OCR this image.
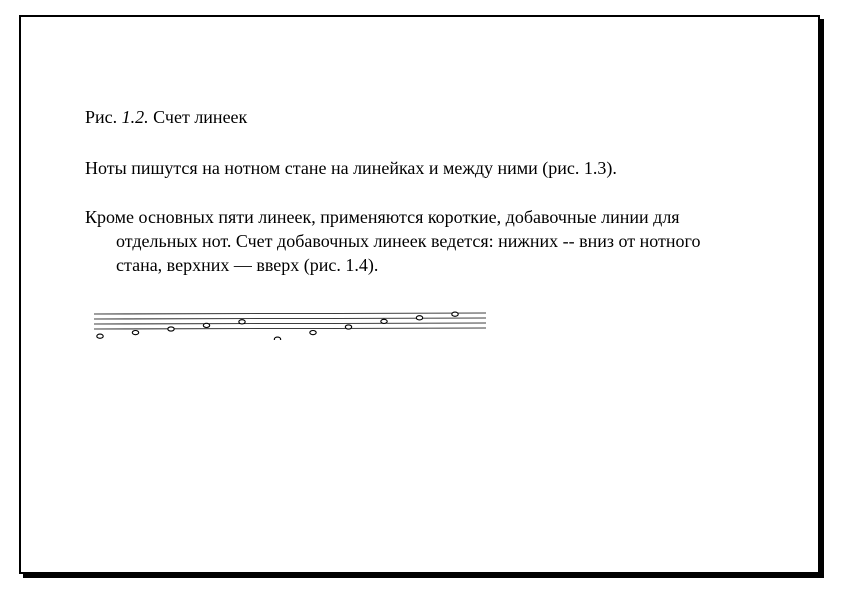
Рис. 1.2. Счет линеек
Ноты пишутся на нотном стане на линейках и между ними (рис. 1.3).
Кроме основных пяти линеек, применяются короткие, добавочные линии для
отдельных нот. Счет добавочных линеек ведется: нижних -- вниз от нотного
стана, верхних — вверх (рис. 1.4).
